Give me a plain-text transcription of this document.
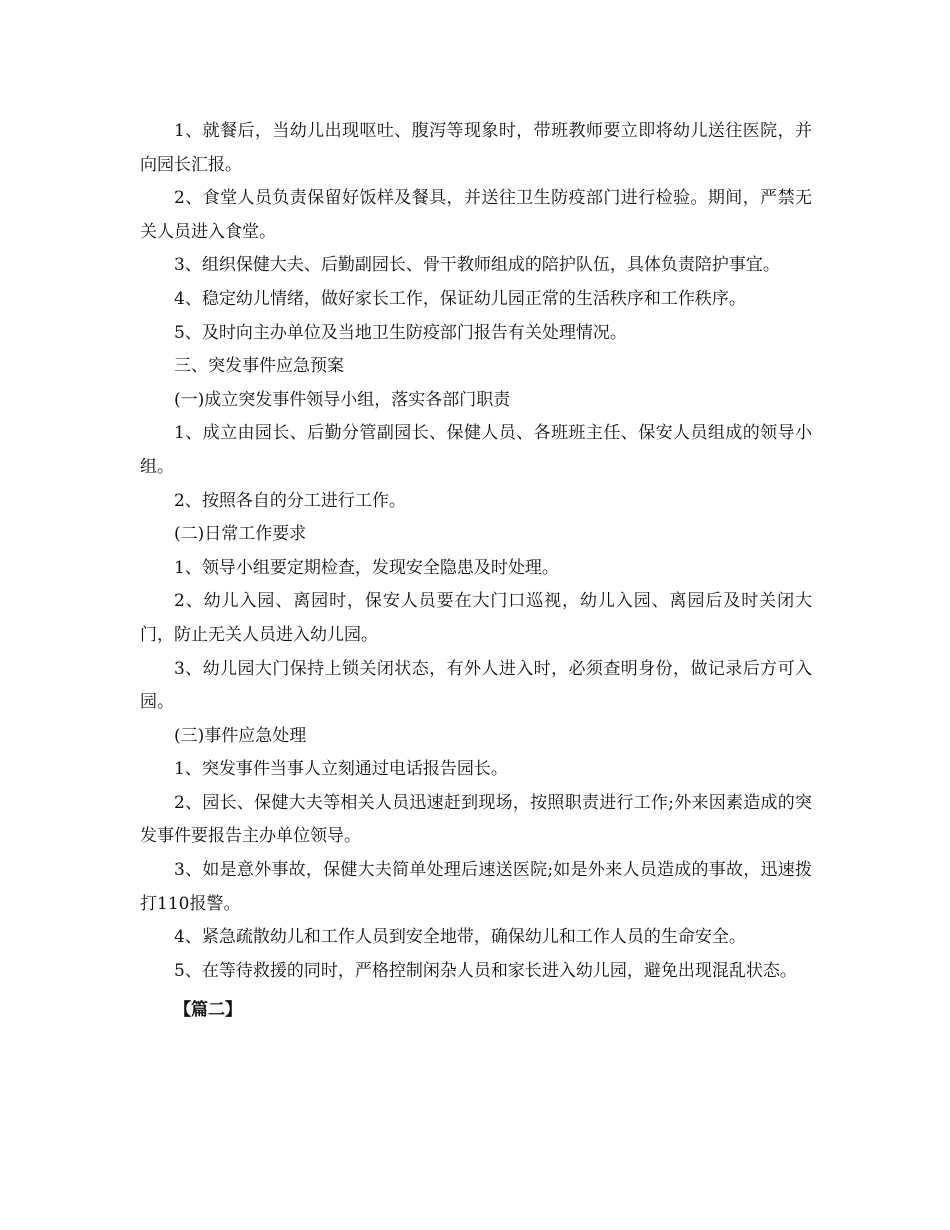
1、就餐后，当幼儿出现呕吐、腹泻等现象时，带班教师要立即将幼儿送往医院，并向园长汇报。

2、食堂人员负责保留好饭样及餐具，并送往卫生防疫部门进行检验。期间，严禁无关人员进入食堂。

3、组织保健大夫、后勤副园长、骨干教师组成的陪护队伍，具体负责陪护事宜。

4、稳定幼儿情绪，做好家长工作，保证幼儿园正常的生活秩序和工作秩序。

5、及时向主办单位及当地卫生防疫部门报告有关处理情况。

三、突发事件应急预案

(一)成立突发事件领导小组，落实各部门职责

1、成立由园长、后勤分管副园长、保健人员、各班班主任、保安人员组成的领导小组。

2、按照各自的分工进行工作。

(二)日常工作要求

1、领导小组要定期检查，发现安全隐患及时处理。

2、幼儿入园、离园时，保安人员要在大门口巡视，幼儿入园、离园后及时关闭大门，防止无关人员进入幼儿园。

3、幼儿园大门保持上锁关闭状态，有外人进入时，必须查明身份，做记录后方可入园。

(三)事件应急处理

1、突发事件当事人立刻通过电话报告园长。

2、园长、保健大夫等相关人员迅速赶到现场，按照职责进行工作;外来因素造成的突发事件要报告主办单位领导。

3、如是意外事故，保健大夫简单处理后速送医院;如是外来人员造成的事故，迅速拨打110报警。

4、紧急疏散幼儿和工作人员到安全地带，确保幼儿和工作人员的生命安全。

5、在等待救援的同时，严格控制闲杂人员和家长进入幼儿园，避免出现混乱状态。

【篇二】
